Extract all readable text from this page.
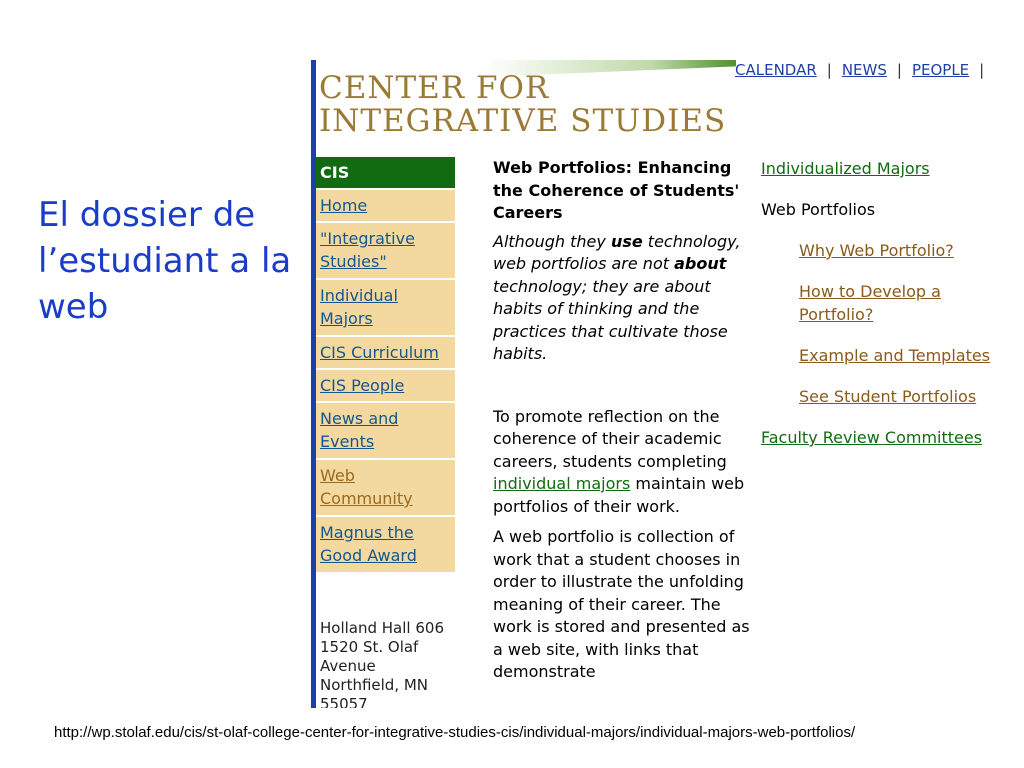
El dossier de l’estudiant a la web
CENTER FOR
INTEGRATIVE STUDIES
CALENDAR | NEWS | PEOPLE |
CIS
Home
"Integrative Studies"
Individual Majors
CIS Curriculum
CIS People
News and Events
Web Community
Magnus the Good Award
Holland Hall 606
1520 St. Olaf
Avenue
Northfield, MN
55057
Web Portfolios: Enhancing the Coherence of Students' Careers
Although they use technology, web portfolios are not about technology; they are about habits of thinking and the practices that cultivate those habits.

To promote reflection on the coherence of their academic careers, students completing individual majors maintain web portfolios of their work.

A web portfolio is collection of work that a student chooses in order to illustrate the unfolding meaning of their career. The work is stored and presented as a web site, with links that demonstrate

Individualized Majors
Web Portfolios
Why Web Portfolio?
How to Develop a Portfolio?
Example and Templates
See Student Portfolios
Faculty Review Committees
http://wp.stolaf.edu/cis/st-olaf-college-center-for-integrative-studies-cis/individual-majors/individual-majors-web-portfolios/
